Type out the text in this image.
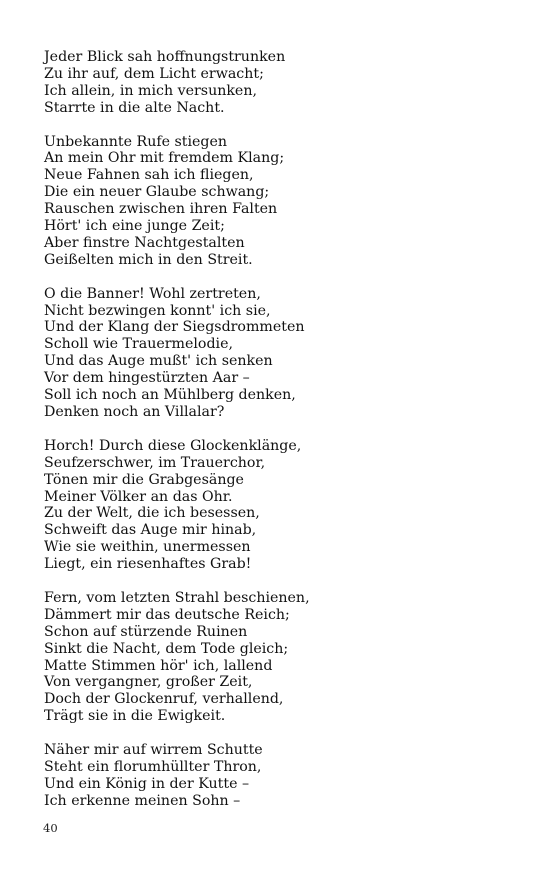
Jeder Blick sah hoffnungstrunken
Zu ihr auf, dem Licht erwacht;
Ich allein, in mich versunken,
Starrte in die alte Nacht.
Unbekannte Rufe stiegen
An mein Ohr mit fremdem Klang;
Neue Fahnen sah ich fliegen,
Die ein neuer Glaube schwang;
Rauschen zwischen ihren Falten
Hört' ich eine junge Zeit;
Aber finstre Nachtgestalten
Geißelten mich in den Streit.
O die Banner! Wohl zertreten,
Nicht bezwingen konnt' ich sie,
Und der Klang der Siegsdrommeten
Scholl wie Trauermelodie,
Und das Auge mußt' ich senken
Vor dem hingestürzten Aar –
Soll ich noch an Mühlberg denken,
Denken noch an Villalar?
Horch! Durch diese Glockenklänge,
Seufzerschwer, im Trauerchor,
Tönen mir die Grabgesänge
Meiner Völker an das Ohr.
Zu der Welt, die ich besessen,
Schweift das Auge mir hinab,
Wie sie weithin, unermessen
Liegt, ein riesenhaftes Grab!
Fern, vom letzten Strahl beschienen,
Dämmert mir das deutsche Reich;
Schon auf stürzende Ruinen
Sinkt die Nacht, dem Tode gleich;
Matte Stimmen hör' ich, lallend
Von vergangner, großer Zeit,
Doch der Glockenruf, verhallend,
Trägt sie in die Ewigkeit.
Näher mir auf wirrem Schutte
Steht ein florumhüllter Thron,
Und ein König in der Kutte –
Ich erkenne meinen Sohn –
40
